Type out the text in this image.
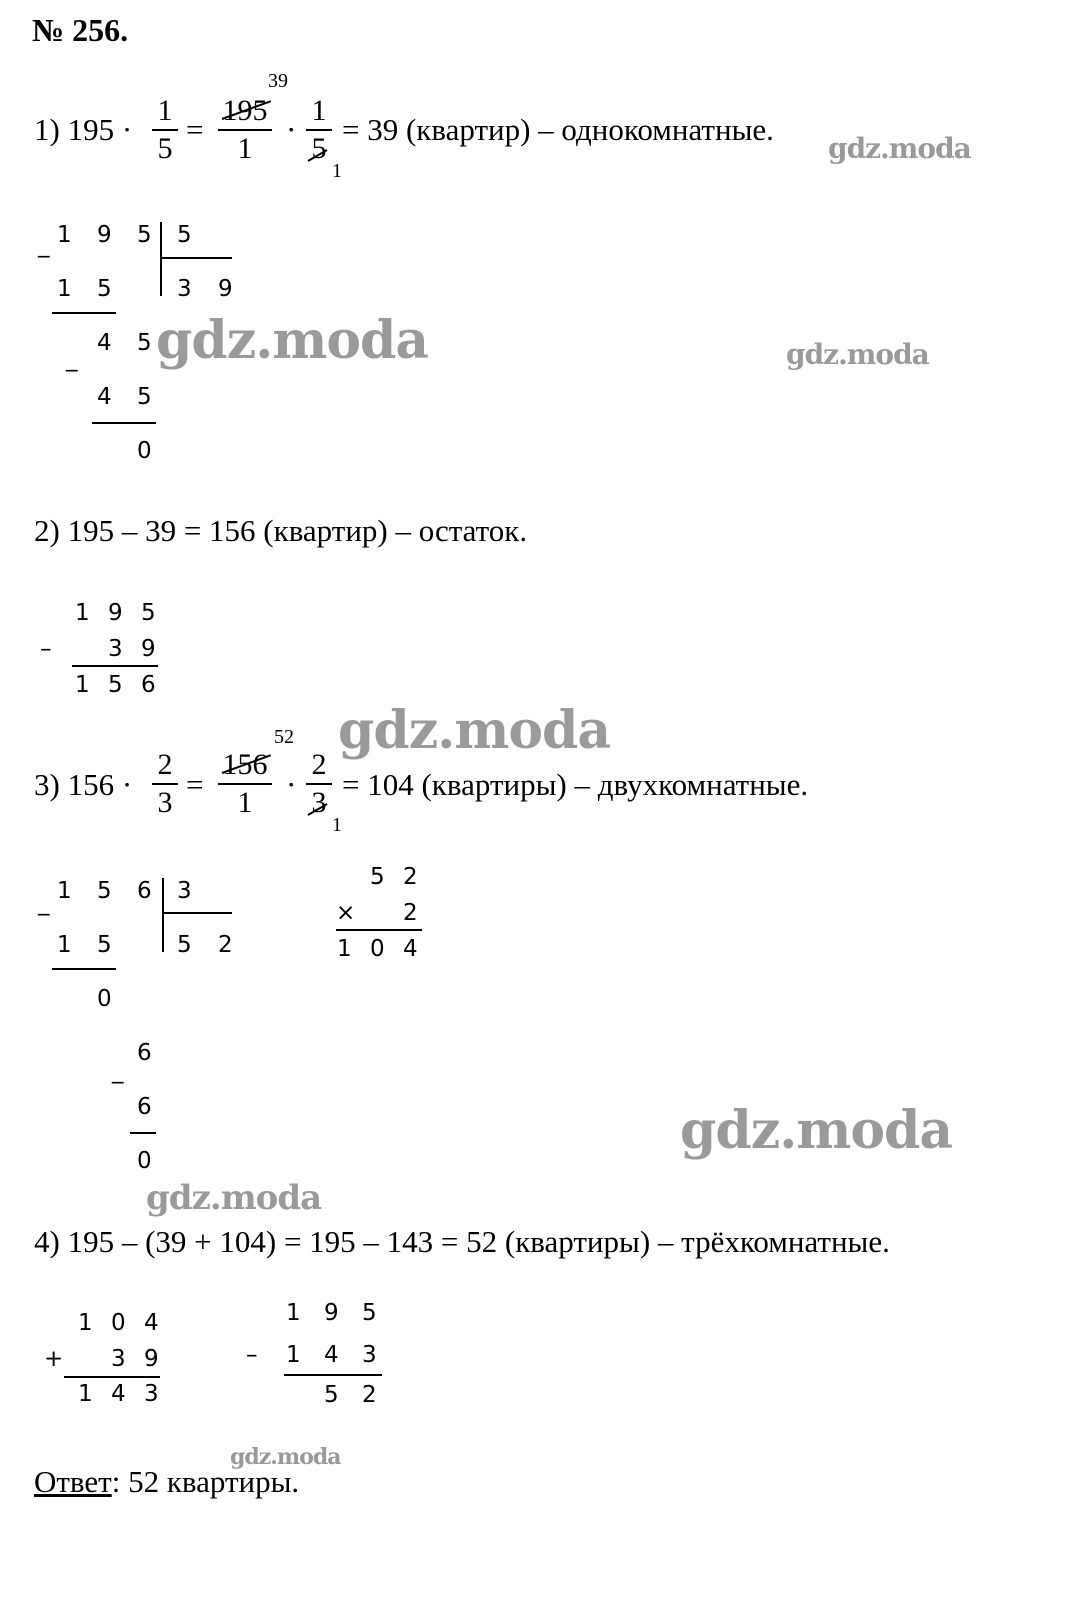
№ 256.
1) 195 ·
1
5
=
39
195
1
·
1
5
1
= 39 (квартир) – однокомнатные.
_ 1 9 5 5
3 9
1 5
_
4 5
4 5
0
2) 195 – 39 = 156 (квартир) – остаток.
1 9 5
– 3 9
1 5 6
3) 156 ·
2
3
=
52
156
1
·
2
3
1
= 104 (квартиры) – двухкомнатные.
_ 1 5 6 3
5 2
1 5
0
_
6
6
0
5 2
× 2
1 0 4
4) 195 – (39 + 104) = 195 – 143 = 52 (квартиры) – трёхкомнатные.
1 0 4
+ 3 9
1 4 3
1 9 5
– 1 4 3
5 2
Ответ: 52 квартиры.
gdz.moda
gdz.moda	gdz.moda
gdz.moda
gdz.moda
gdz.moda
gdz.moda
